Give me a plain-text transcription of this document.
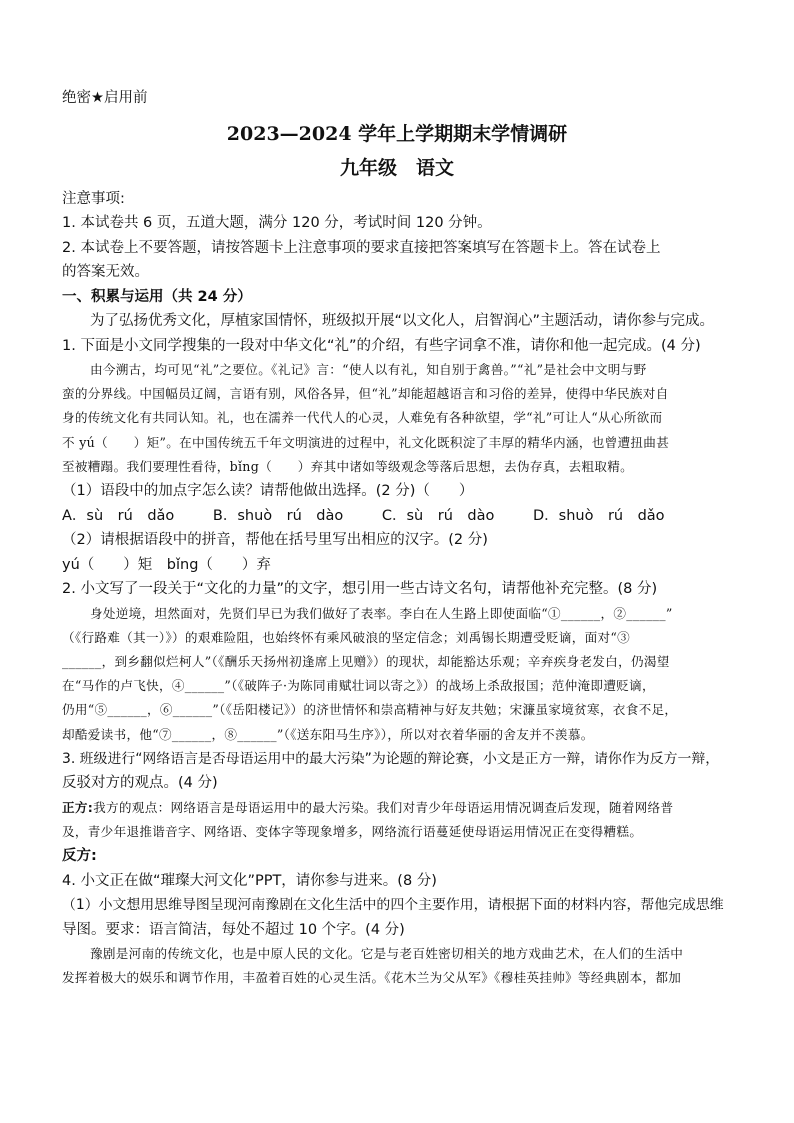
绝密★启用前
2023—2024 学年上学期期末学情调研
九年级　语文
注意事项:
1. 本试卷共 6 页，五道大题，满分 120 分，考试时间 120 分钟。
2. 本试卷上不要答题，请按答题卡上注意事项的要求直接把答案填写在答题卡上。答在试卷上
的答案无效。
一、积累与运用（共 24 分）
为了弘扬优秀文化，厚植家国情怀，班级拟开展“以文化人，启智润心”主题活动，请你参与完成。
1. 下面是小文同学搜集的一段对中华文化“礼”的介绍，有些字词拿不准，请你和他一起完成。(4 分)
由今溯古，均可见“礼”之要位。《礼记》言：“使人以有礼，知自别于禽兽。”“礼”是社会中文明与野
蛮的分界线。中国幅员辽阔，言语有别，风俗各异，但“礼”却能超越语言和习俗的差异，使得中华民族对自
身的传统文化有共同认知。礼，也在濡养一代代人的心灵，人难免有各种欲望，学“礼”可让人“从心所欲而
不 yú（　　）矩”。在中国传统五千年文明演进的过程中，礼文化既积淀了丰厚的精华内涵，也曾遭扭曲甚
至被糟蹋。我们要理性看待，bǐng（　　）弃其中诸如等级观念等落后思想，去伪存真，去粗取精。
（1）语段中的加点字怎么读？请帮他做出选择。(2 分)（　　）
A．sù　rú　dǎo	B．shuò　rú　dào	C．sù　rú　dào	D．shuò　rú　dǎo
（2）请根据语段中的拼音，帮他在括号里写出相应的汉字。(2 分)
yú（　　）矩　bǐng（　　）弃
2. 小文写了一段关于“文化的力量”的文字，想引用一些古诗文名句，请帮他补充完整。(8 分)
身处逆境，坦然面对，先贤们早已为我们做好了表率。李白在人生路上即使面临“①______，②______”
（《行路难（其一）》）的艰难险阻，也始终怀有乘风破浪的坚定信念；刘禹锡长期遭受贬谪，面对“③
______，到乡翻似烂柯人”（《酬乐天扬州初逢席上见赠》）的现状，却能豁达乐观；辛弃疾身老发白，仍渴望
在“马作的卢飞快，④______”（《破阵子·为陈同甫赋壮词以寄之》）的战场上杀敌报国；范仲淹即遭贬谪，
仍用“⑤______，⑥______”（《岳阳楼记》）的济世情怀和崇高精神与好友共勉；宋濂虽家境贫寒，衣食不足，
却酷爱读书，他“⑦______，⑧______”（《送东阳马生序》），所以对衣着华丽的舍友并不羡慕。
3. 班级进行“网络语言是否母语运用中的最大污染”为论题的辩论赛，小文是正方一辩，请你作为反方一辩，
反驳对方的观点。(4 分)
正方:我方的观点：网络语言是母语运用中的最大污染。我们对青少年母语运用情况调查后发现，随着网络普
及，青少年退推谐音字、网络语、变体字等现象增多，网络流行语蔓延使母语运用情况正在变得糟糕。
反方:
4. 小文正在做“璀璨大河文化”PPT，请你参与进来。(8 分)
（1）小文想用思维导图呈现河南豫剧在文化生活中的四个主要作用，请根据下面的材料内容，帮他完成思维
导图。要求：语言简洁，每处不超过 10 个字。(4 分)
豫剧是河南的传统文化，也是中原人民的文化。它是与老百姓密切相关的地方戏曲艺术，在人们的生活中
发挥着极大的娱乐和调节作用，丰盈着百姓的心灵生活。《花木兰为父从军》《穆桂英挂帅》等经典剧本，都加
